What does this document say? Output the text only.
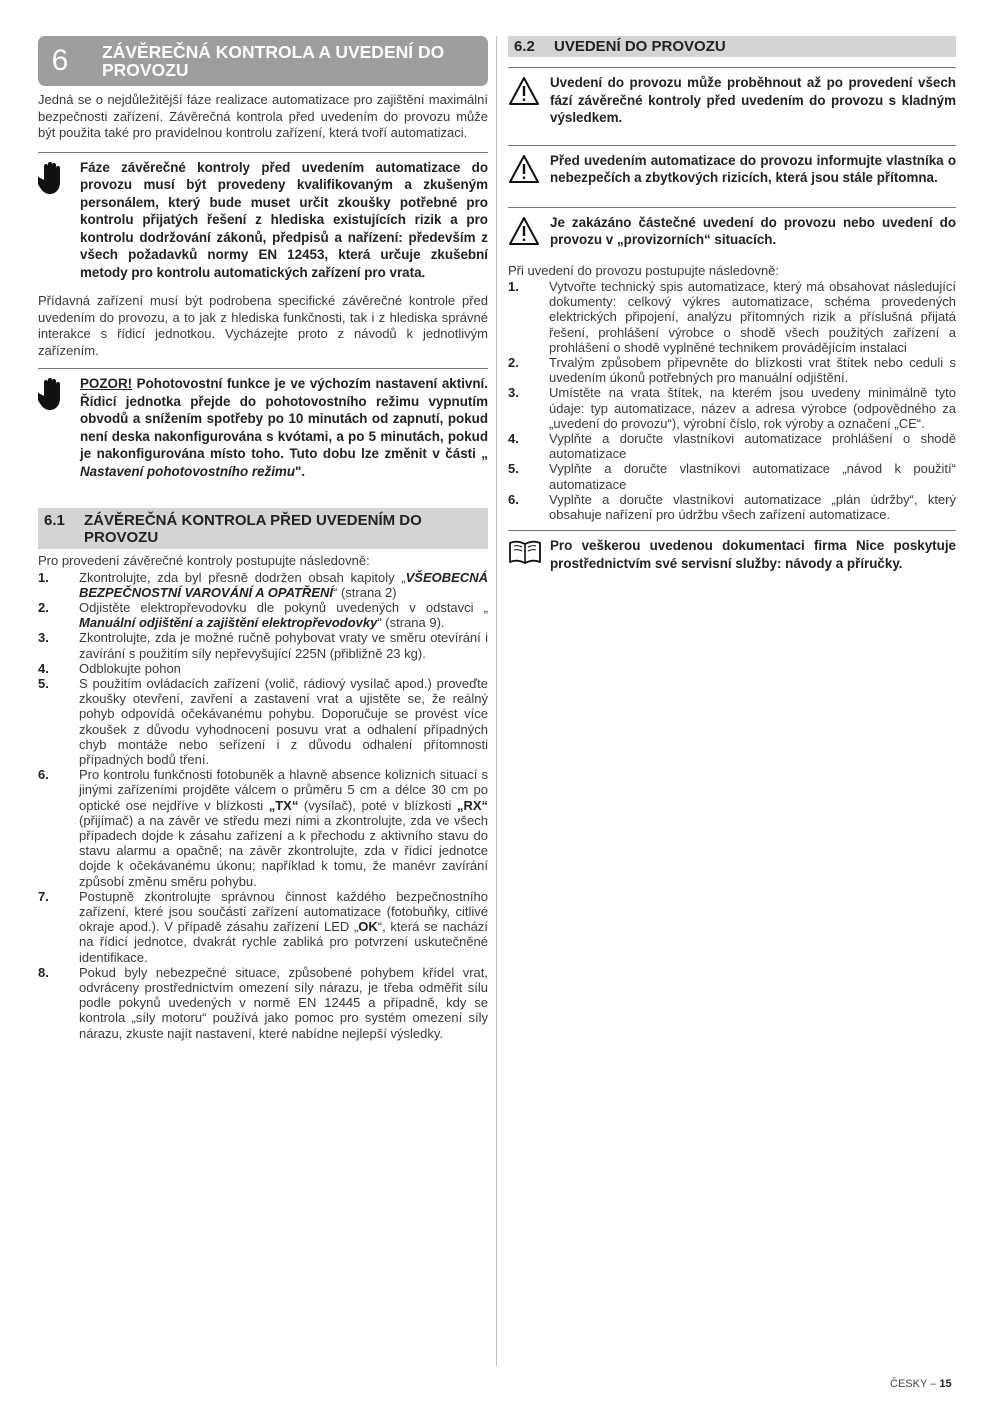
6	ZÁVĚREČNÁ KONTROLA A UVEDENÍ DO
PROVOZU

Jedná se o nejdůležitější fáze realizace automatizace pro zajištění maximální bezpečnosti zařízení. Závěrečná kontrola před uvedením do provozu může být použita také pro pravidelnou kontrolu zařízení, která tvoří automatizaci.

Fáze závěrečné kontroly před uvedením automatizace do provozu musí být provedeny kvalifikovaným a zkušeným personálem, který bude muset určit zkoušky potřebné pro kontrolu přijatých řešení z hlediska existujících rizik a pro kontrolu dodržování zákonů, předpisů a nařízení: především z všech požadavků normy EN 12453, která určuje zkušební metody pro kontrolu automatických zařízení pro vrata.

Přídavná zařízení musí být podrobena specifické závěrečné kontrole před uvedením do provozu, a to jak z hlediska funkčnosti, tak i z hlediska správné interakce s řídicí jednotkou. Vycházejte proto z návodů k jednotlivým zařízením.

POZOR! Pohotovostní funkce je ve výchozím nastavení aktivní. Řídicí jednotka přejde do pohotovostního režimu vypnutím obvodů a snížením spotřeby po 10 minutách od zapnutí, pokud není deska nakonfigurována s kvótami, a po 5 minutách, pokud je nakonfigurována místo toho. Tuto dobu lze změnit v části „ Nastavení pohotovostního režimu".
6.1	ZÁVĚREČNÁ KONTROLA PŘED UVEDENÍM DO
PROVOZU

Pro provedení závěrečné kontroly postupujte následovně:

1.	Zkontrolujte, zda byl přesně dodržen obsah kapitoly „VŠEOBECNÁ BEZPEČNOSTNÍ VAROVÁNÍ A OPATŘENÍ“ (strana 2)
2.	Odjistěte elektropřevodovku dle pokynů uvedených v odstavci „ Manuální odjištění a zajištění elektropřevodovky“ (strana 9).
3.	Zkontrolujte, zda je možné ručně pohybovat vraty ve směru otevírání i zavírání s použitím síly nepřevyšující 225N (přibližně 23 kg).
4.	Odblokujte pohon
5.	S použitím ovládacích zařízení (volič, rádiový vysílač apod.) proveďte zkoušky otevření, zavření a zastavení vrat a ujistěte se, že reálný pohyb odpovídá očekávanému pohybu. Doporučuje se provést více zkoušek z důvodu vyhodnocení posuvu vrat a odhalení případných chyb montáže nebo seřízení i z důvodu odhalení přítomnosti případných bodů tření.
6.	Pro kontrolu funkčnosti fotobuněk a hlavně absence kolizních situací s jinými zařízeními projděte válcem o průměru 5 cm a délce 30 cm po optické ose nejdříve v blízkosti „TX“ (vysílač), poté v blízkosti „RX“ (přijímač) a na závěr ve středu mezi nimi a zkontrolujte, zda ve všech případech dojde k zásahu zařízení a k přechodu z aktivního stavu do stavu alarmu a opačně; na závěr zkontrolujte, zda v řídicí jednotce dojde k očekávanému úkonu; například k tomu, že manévr zavírání způsobí změnu směru pohybu.
7.	Postupně zkontrolujte správnou činnost každého bezpečnostního zařízení, které jsou součástí zařízení automatizace (fotobuňky, citlivé okraje apod.). V případě zásahu zařízení LED „OK“, která se nachází na řídicí jednotce, dvakrát rychle zabliká pro potvrzení uskutečněné identifikace.
8.	Pokud byly nebezpečné situace, způsobené pohybem křídel vrat, odvráceny prostřednictvím omezení síly nárazu, je třeba odměřit sílu podle pokynů uvedených v normě EN 12445 a případně, kdy se kontrola „síly motoru“ používá jako pomoc pro systém omezení síly nárazu, zkuste najít nastavení, které nabídne nejlepší výsledky.
6.2	UVEDENÍ DO PROVOZU
Uvedení do provozu může proběhnout až po provedení všech fází závěrečné kontroly před uvedením do provozu s kladným výsledkem.
Před uvedením automatizace do provozu informujte vlastníka o nebezpečích a zbytkových rizicích, která jsou stále přítomna.
Je zakázáno částečné uvedení do provozu nebo uvedení do provozu v „provizorních“ situacích.

Při uvedení do provozu postupujte následovně:

1.	Vytvořte technický spis automatizace, který má obsahovat následující dokumenty: celkový výkres automatizace, schéma provedených elektrických připojení, analýzu přítomných rizik a příslušná přijatá řešení, prohlášení výrobce o shodě všech použitých zařízení a prohlášení o shodě vyplněné technikem provádějícím instalaci
2.	Trvalým způsobem připevněte do blízkosti vrat štítek nebo ceduli s uvedením úkonů potřebných pro manuální odjištění.
3.	Umístěte na vrata štítek, na kterém jsou uvedeny minimálně tyto údaje: typ automatizace, název a adresa výrobce (odpovědného za „uvedení do provozu“), výrobní číslo, rok výroby a označení „CE“.
4.	Vyplňte a doručte vlastníkovi automatizace prohlášení o shodě automatizace
5.	Vyplňte a doručte vlastníkovi automatizace „návod k použití“ automatizace
6.	Vyplňte a doručte vlastníkovi automatizace „plán údržby“, který obsahuje nařízení pro údržbu všech zařízení automatizace.
Pro veškerou uvedenou dokumentaci firma Nice poskytuje prostřednictvím své servisní služby: návody a příručky.
ČESKY – 15
